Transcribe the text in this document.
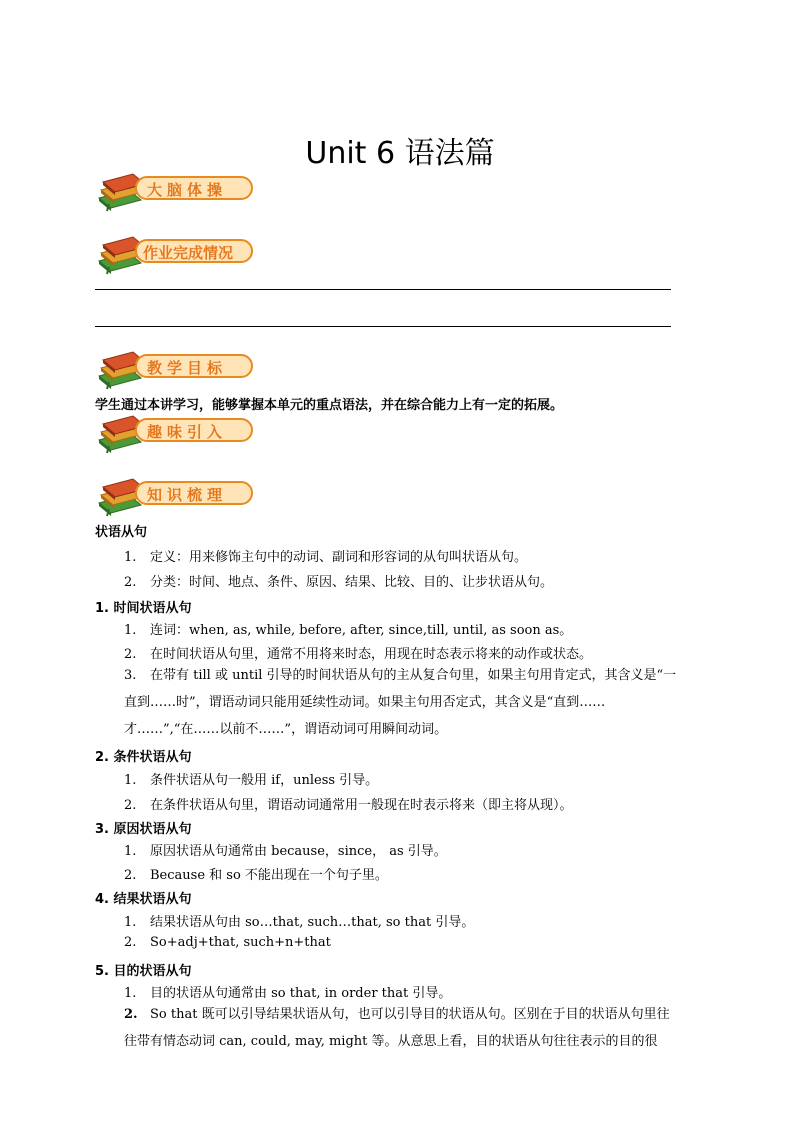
Unit 6 语法篇
大脑体操
作业完成情况
教学目标
趣味引入
知识梳理
学生通过本讲学习，能够掌握本单元的重点语法，并在综合能力上有一定的拓展。
状语从句
1. 定义：用来修饰主句中的动词、副词和形容词的从句叫状语从句。
2. 分类：时间、地点、条件、原因、结果、比较、目的、让步状语从句。
1. 时间状语从句
1. 连词：when, as, while, before, after, since,till, until, as soon as。
2. 在时间状语从句里，通常不用将来时态，用现在时态表示将来的动作或状态。
3. 在带有 till 或 until 引导的时间状语从句的主从复合句里，如果主句用肯定式，其含义是“一直到……时”，谓语动词只能用延续性动词。如果主句用否定式，其含义是“直到……才……”,“在……以前不……”，谓语动词可用瞬间动词。
2. 条件状语从句
1. 条件状语从句一般用 if，unless 引导。
2. 在条件状语从句里，谓语动词通常用一般现在时表示将来（即主将从现）。
3. 原因状语从句
1. 原因状语从句通常由 because，since， as 引导。
2. Because 和 so 不能出现在一个句子里。
4. 结果状语从句
1. 结果状语从句由 so…that, such…that, so that 引导。
2. So+adj+that, such+n+that
5. 目的状语从句
1. 目的状语从句通常由 so that, in order that 引导。
2. So that 既可以引导结果状语从句，也可以引导目的状语从句。区别在于目的状语从句里往往带有情态动词 can, could, may, might 等。从意思上看，目的状语从句往往表示的目的很
